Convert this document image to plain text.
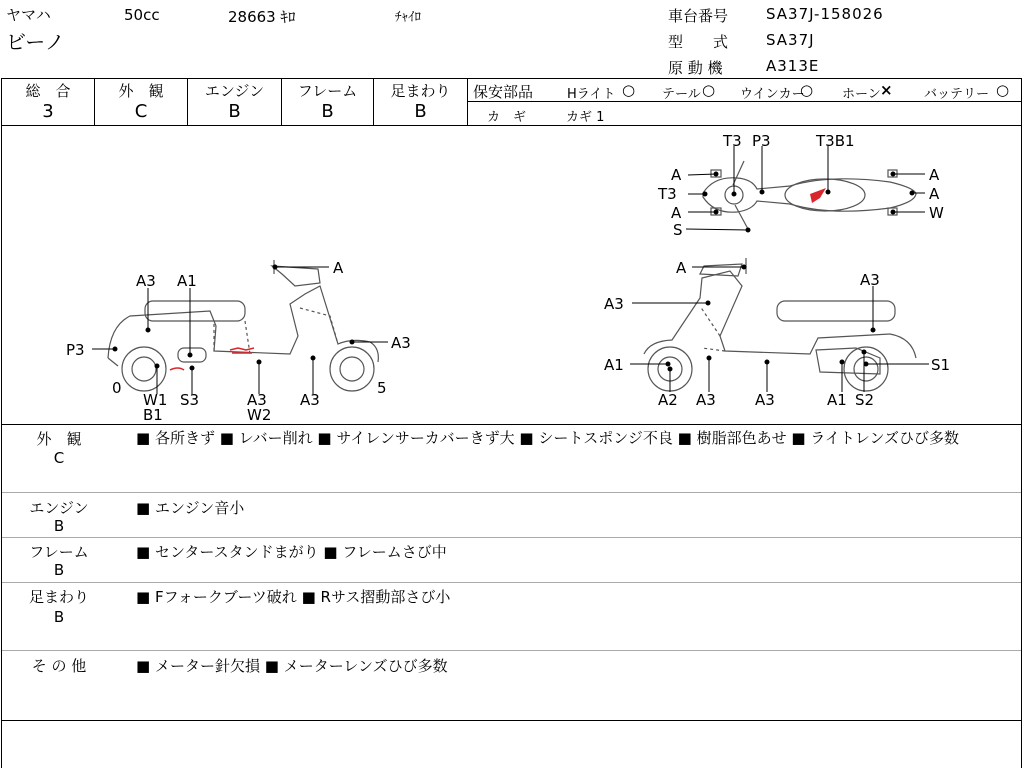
ヤマハ	50cc	28663 ｷﾛ	ﾁｬｲﾛ
ビーノ
車台番号	SA37J-158026
型　　式	SA37J
原 動 機	A313E
総　合
3
外　観
C
エンジン
B
フレーム
B
足まわり
B
保安部品	Hライト ○ テール ○ ウインカー
○ ホーン × バッテリー ○
カ　ギ	カギ 1
T3 P3	T3B1
A	A
T3	A
A	W
S
A
A3 A1
P3	A3
0	5
W1 S3	A3 A3
B1	W2
A
A3
A3
A1	S1
A2 A3	A3	A1 S2
外　観
C
■ 各所きず ■ レバー削れ ■ サイレンサーカバーきず大 ■ シートスポンジ不良 ■ 樹脂部色あせ ■ ライトレンズひび多数
エンジン
B
■ エンジン音小
フレーム
B
■ センタースタンドまがり ■ フレームさび中
足まわり
B
■ Fフォークブーツ破れ ■ Rサス摺動部さび小
そ の 他	■ メーター針欠損 ■ メーターレンズひび多数
